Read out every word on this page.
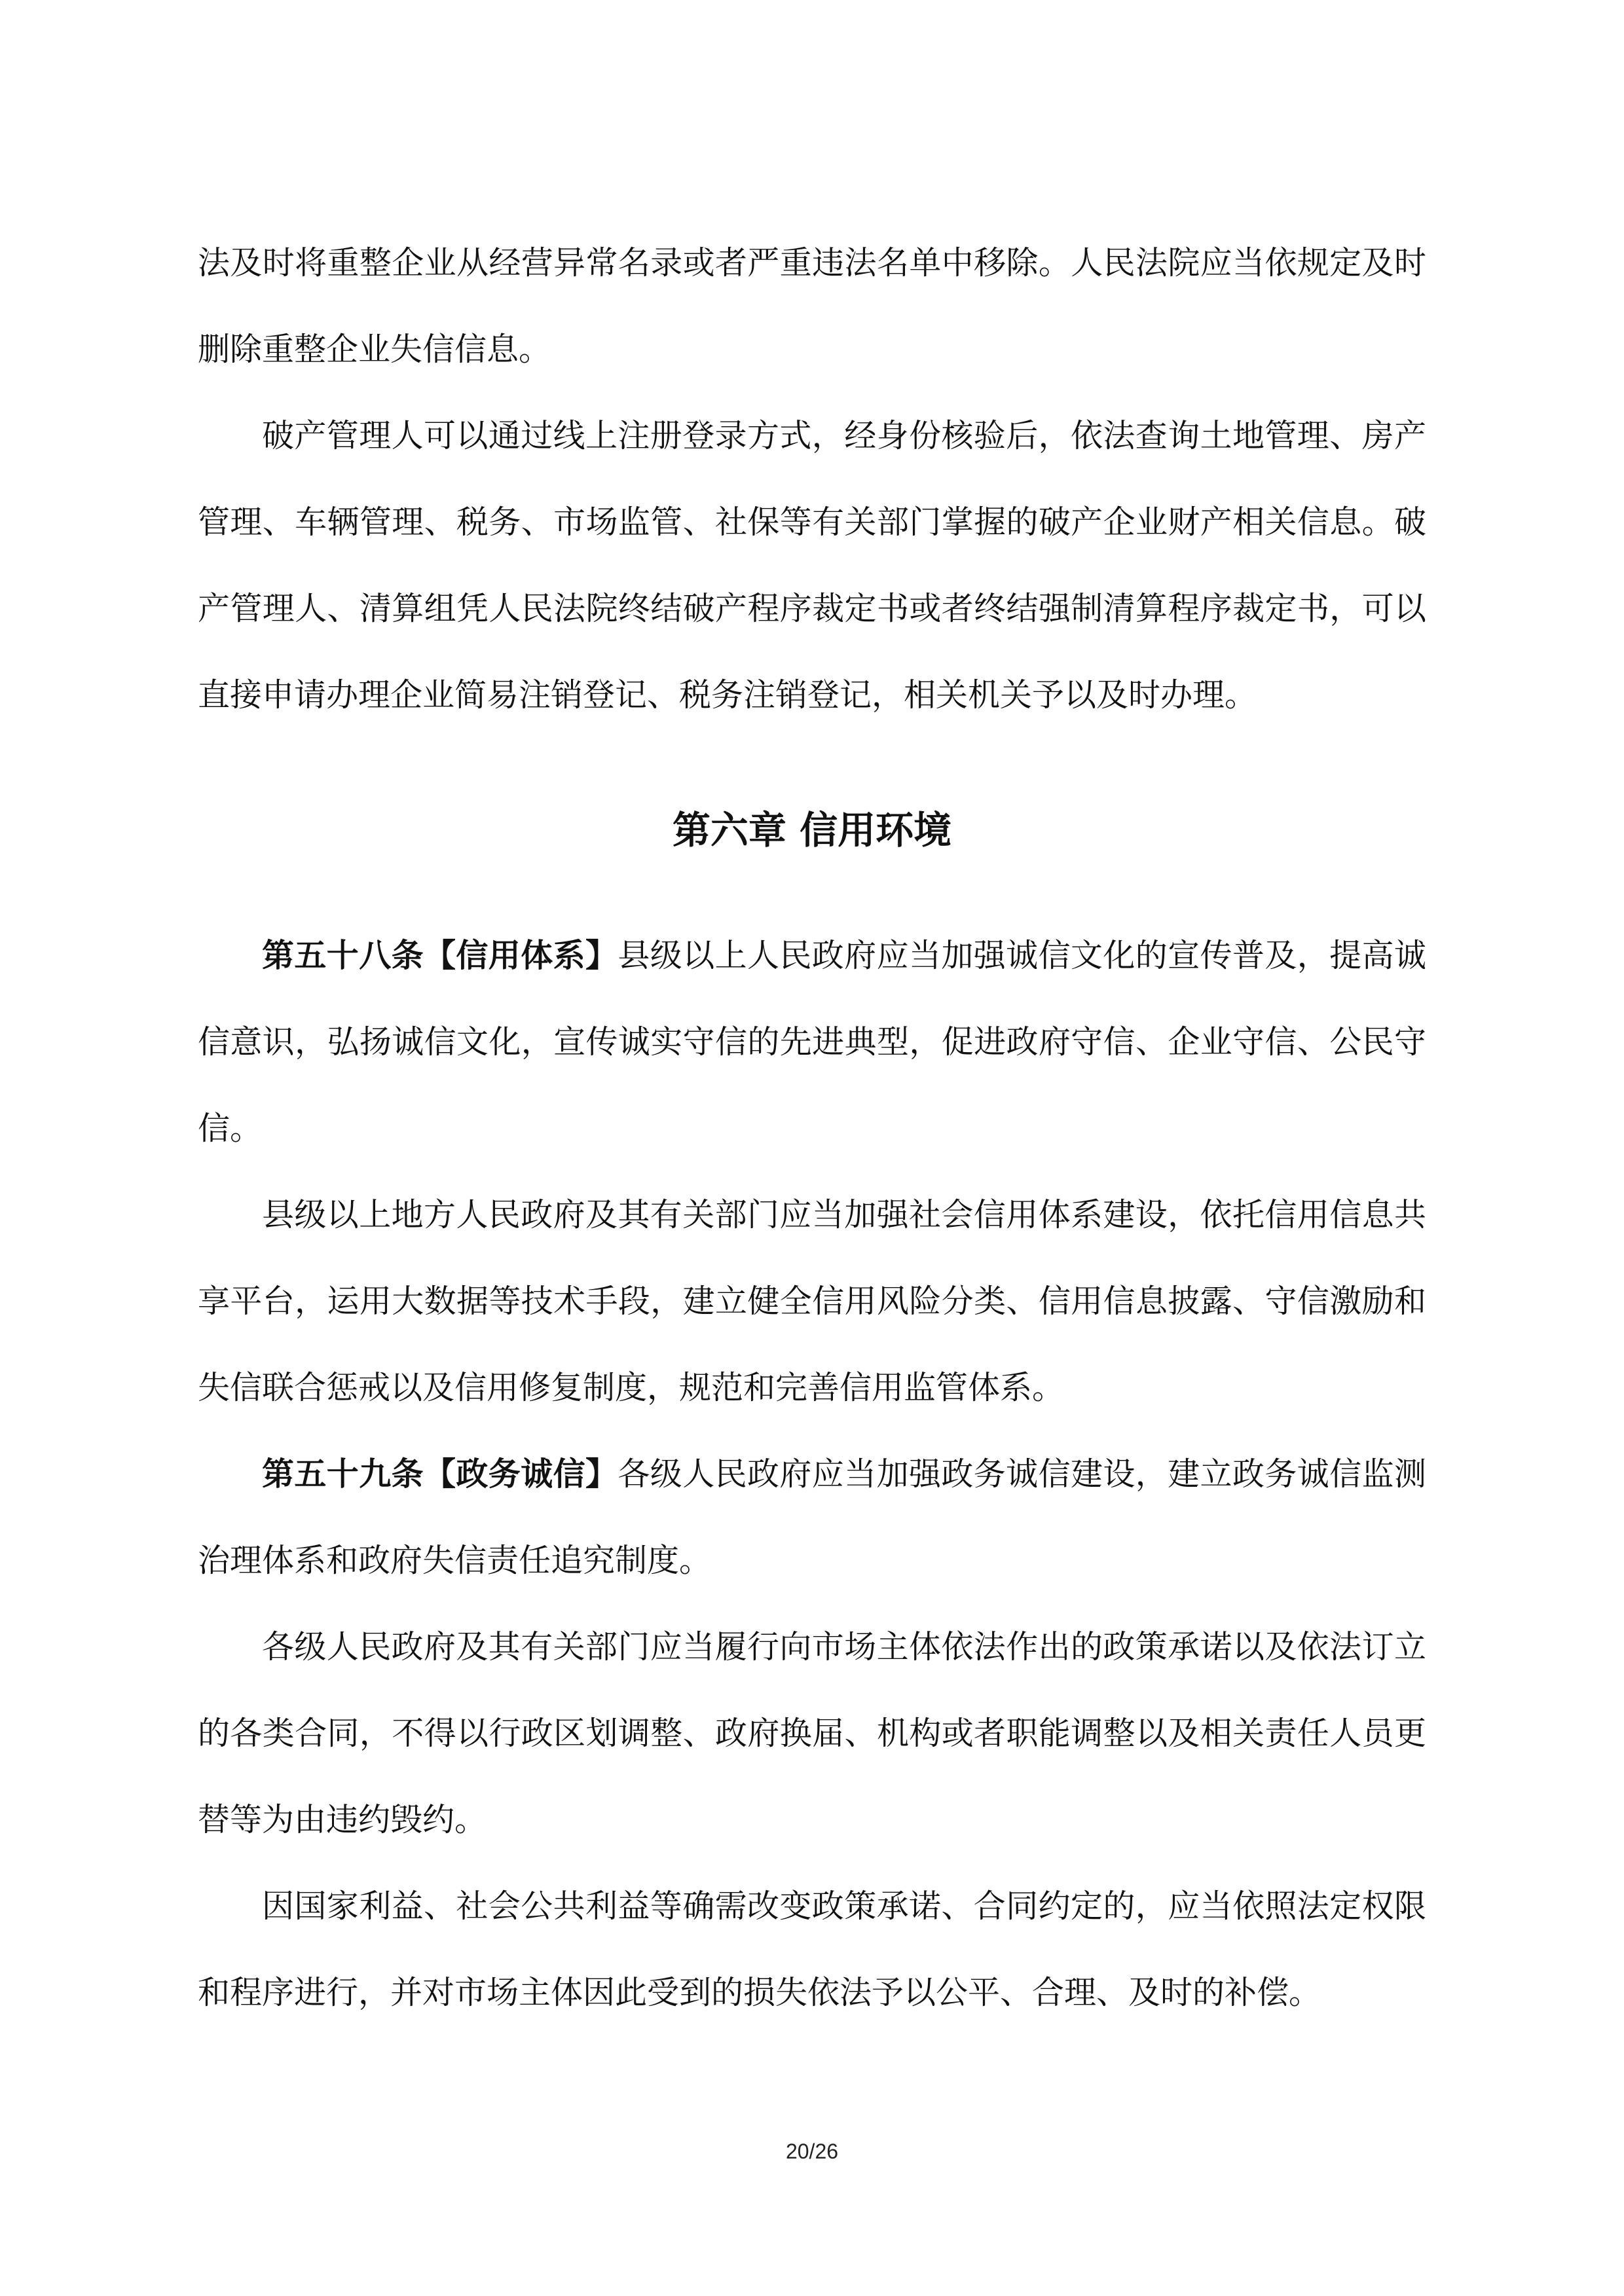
法及时将重整企业从经营异常名录或者严重违法名单中移除。人民法院应当依规定及时删除重整企业失信信息。

破产管理人可以通过线上注册登录方式，经身份核验后，依法查询土地管理、房产管理、车辆管理、税务、市场监管、社保等有关部门掌握的破产企业财产相关信息。破产管理人、清算组凭人民法院终结破产程序裁定书或者终结强制清算程序裁定书，可以直接申请办理企业简易注销登记、税务注销登记，相关机关予以及时办理。

第六章 信用环境

第五十八条【信用体系】县级以上人民政府应当加强诚信文化的宣传普及，提高诚信意识，弘扬诚信文化，宣传诚实守信的先进典型，促进政府守信、企业守信、公民守信。

县级以上地方人民政府及其有关部门应当加强社会信用体系建设，依托信用信息共享平台，运用大数据等技术手段，建立健全信用风险分类、信用信息披露、守信激励和失信联合惩戒以及信用修复制度，规范和完善信用监管体系。

第五十九条【政务诚信】各级人民政府应当加强政务诚信建设，建立政务诚信监测治理体系和政府失信责任追究制度。

各级人民政府及其有关部门应当履行向市场主体依法作出的政策承诺以及依法订立的各类合同，不得以行政区划调整、政府换届、机构或者职能调整以及相关责任人员更替等为由违约毁约。

因国家利益、社会公共利益等确需改变政策承诺、合同约定的，应当依照法定权限和程序进行，并对市场主体因此受到的损失依法予以公平、合理、及时的补偿。

20/26
